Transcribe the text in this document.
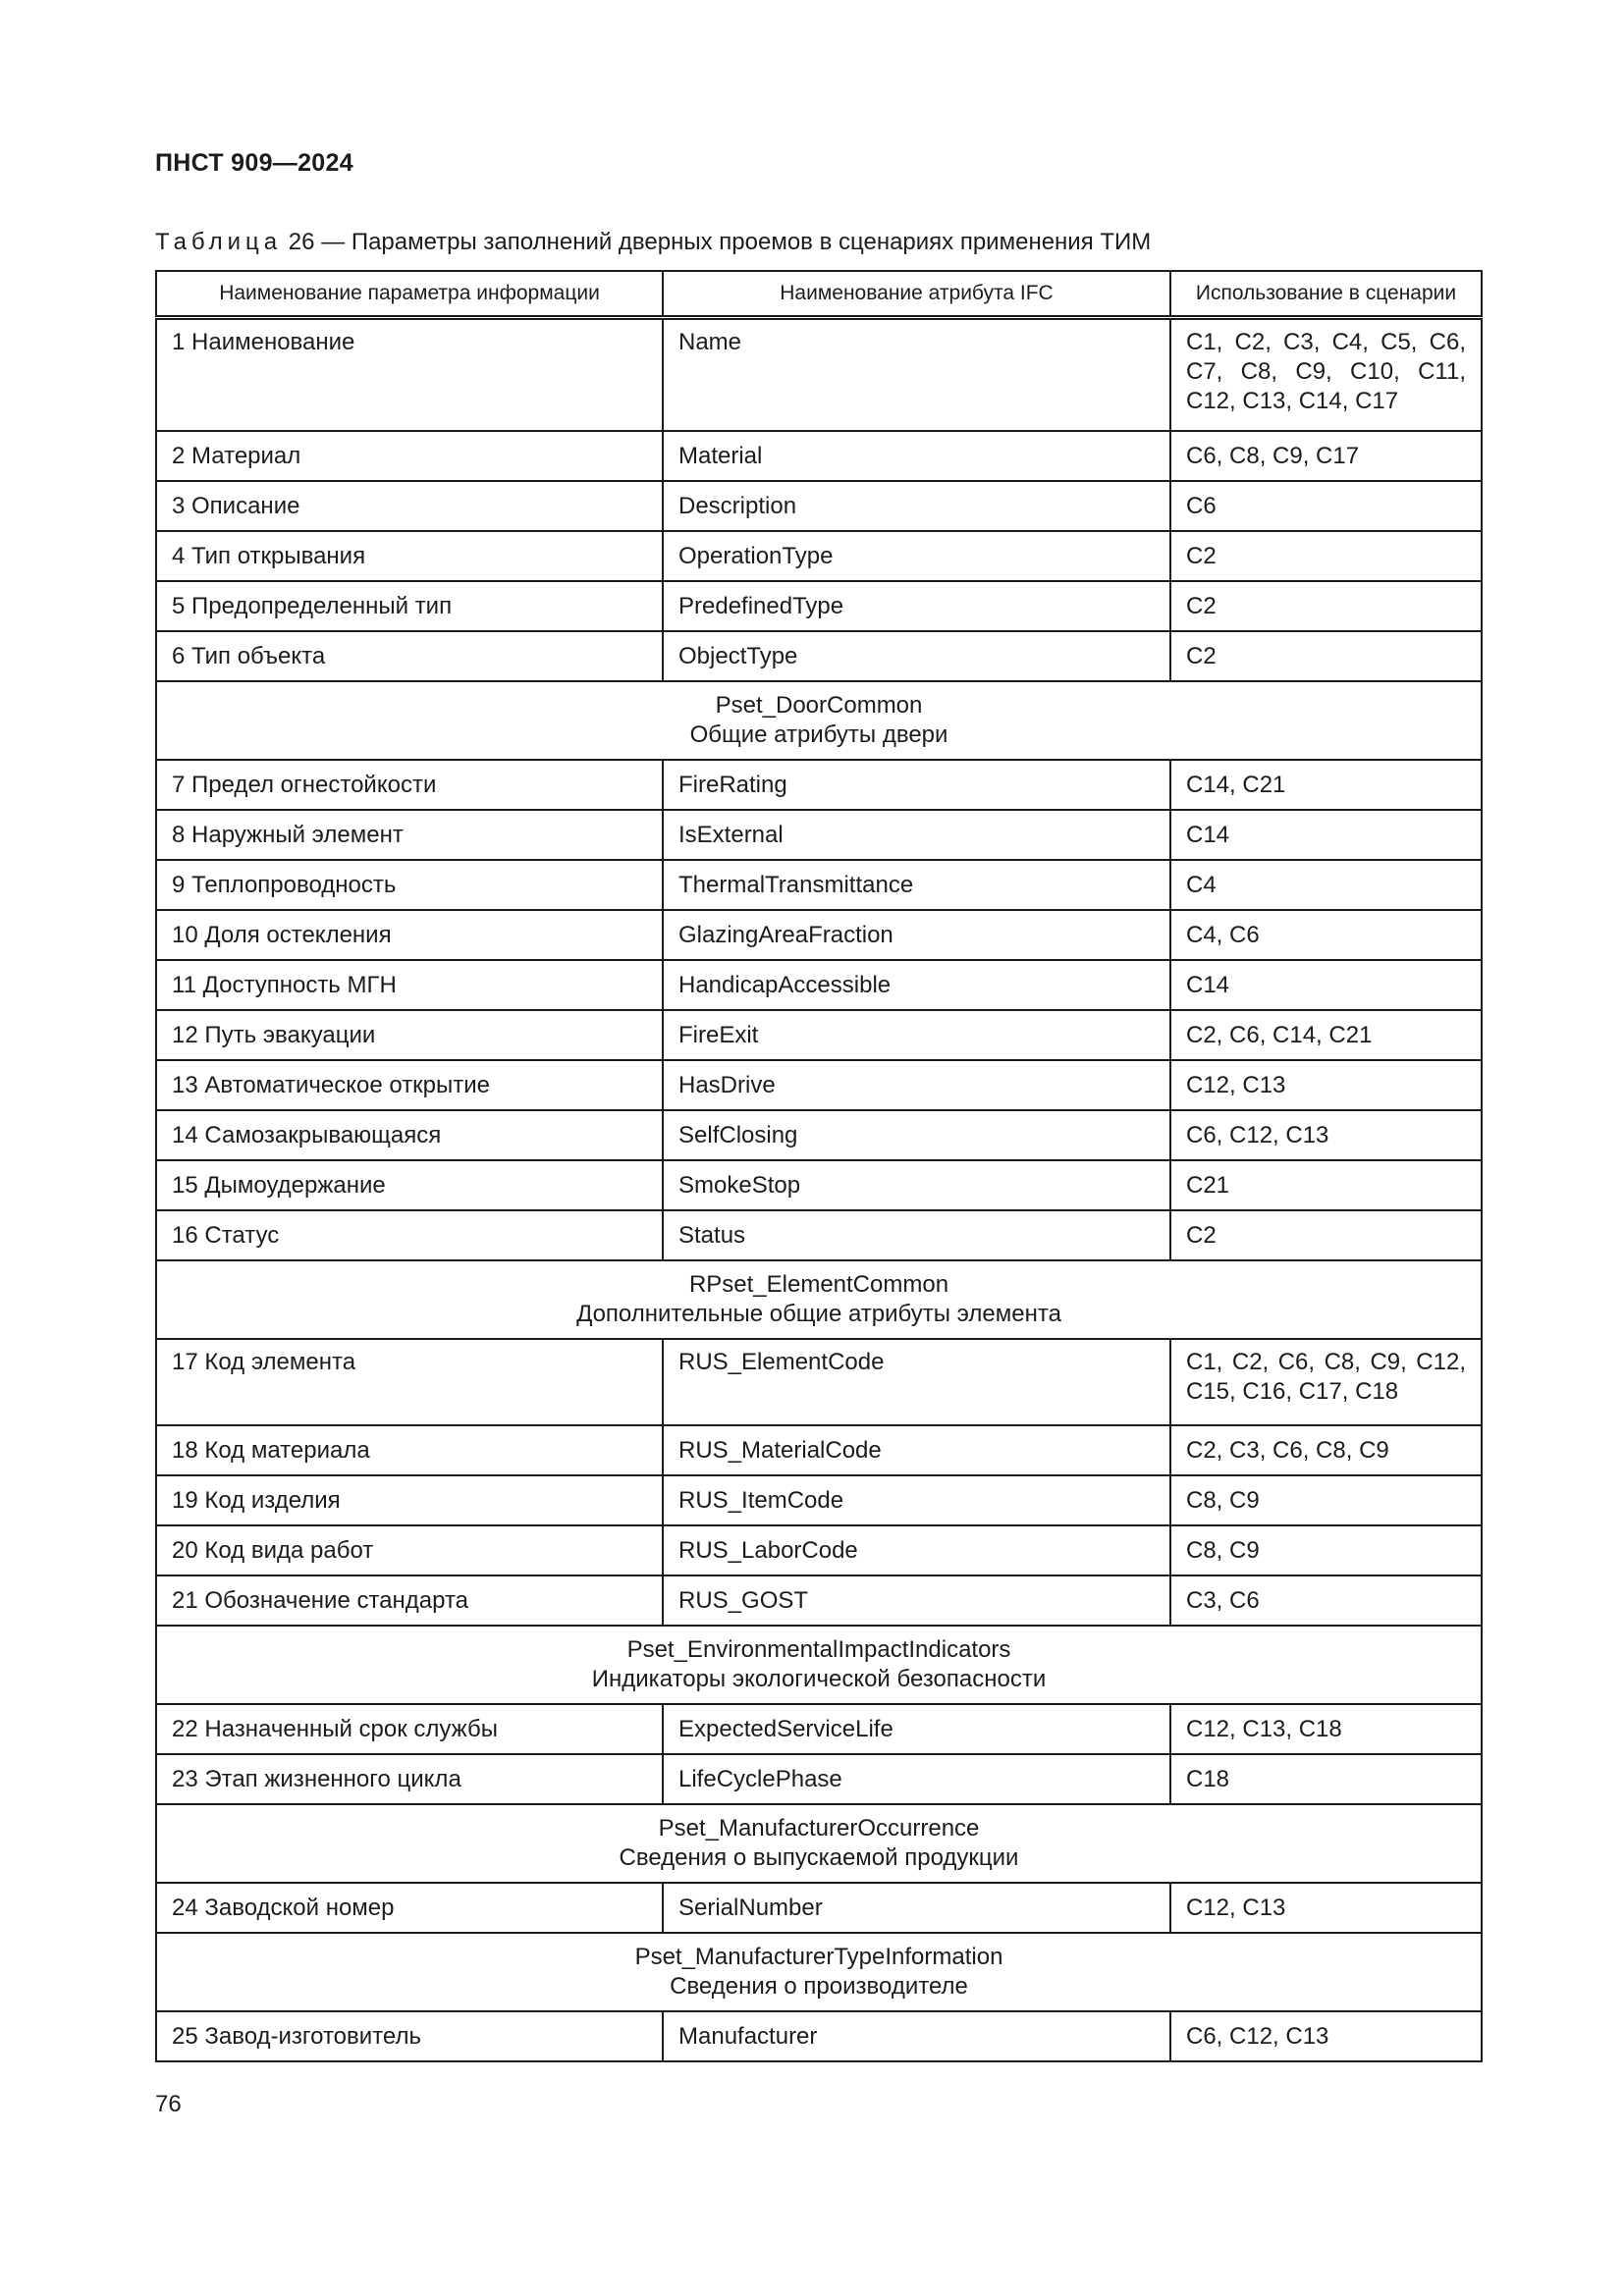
ПНСТ 909—2024
Таблица 26 — Параметры заполнений дверных проемов в сценариях применения ТИМ
Наименование параметра информации	Наименование атрибута IFC	Использование в сценарии
1 Наименование	Name	С1, С2, С3, С4, С5, С6, С7, С8, С9, С10, С11, С12, С13, С14, С17
2 Материал	Material	С6, С8, С9, С17
3 Описание	Description	С6
4 Тип открывания	OperationType	С2
5 Предопределенный тип	PredefinedType	С2
6 Тип объекта	ObjectType	С2

Pset_DoorCommon
Общие атрибуты двери		

7 Предел огнестойкости	FireRating	С14, С21
8 Наружный элемент	IsExternal	С14
9 Теплопроводность	ThermalTransmittance	С4
10 Доля остекления	GlazingAreaFraction	С4, С6
11 Доступность МГН	HandicapAccessible	С14
12 Путь эвакуации	FireExit	С2, С6, С14, С21
13 Автоматическое открытие	HasDrive	С12, С13
14 Самозакрывающаяся	SelfClosing	С6, С12, С13
15 Дымоудержание	SmokeStop	С21
16 Статус	Status	С2

RPset_ElementCommon
Дополнительные общие атрибуты элемента		

17 Код элемента	RUS_ElementCode	С1, С2, С6, С8, С9, С12, С15, С16, С17, С18
18 Код материала	RUS_MaterialCode	С2, С3, С6, С8, С9
19 Код изделия	RUS_ItemCode	С8, С9
20 Код вида работ	RUS_LaborCode	С8, С9
21 Обозначение стандарта	RUS_GOST	С3, С6

Pset_EnvironmentalImpactIndicators
Индикаторы экологической безопасности		

22 Назначенный срок службы	ExpectedServiceLife	С12, С13, С18
23 Этап жизненного цикла	LifeCyclePhase	С18

Pset_ManufacturerOccurrence
Сведения о выпускаемой продукции		

24 Заводской номер	SerialNumber	С12, С13

Pset_ManufacturerTypeInformation
Сведения о производителе		

25 Завод-изготовитель	Manufacturer	С6, С12, С13
76
